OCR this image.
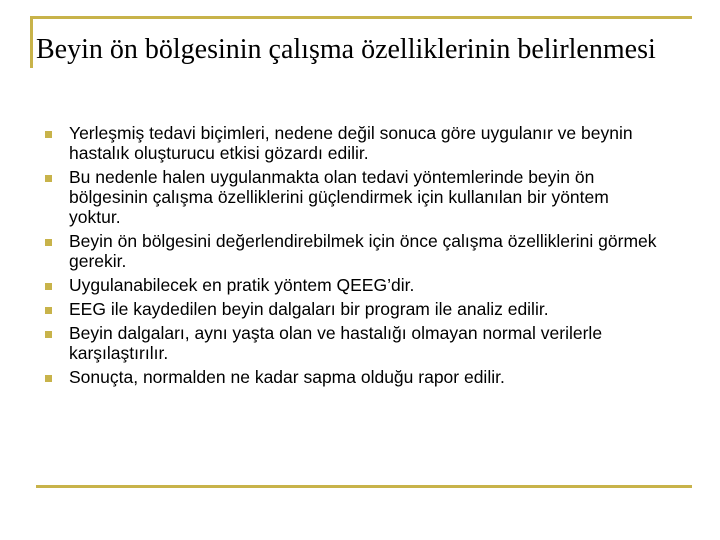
Beyin ön bölgesinin çalışma özelliklerinin belirlenmesi
Yerleşmiş tedavi biçimleri, nedene değil sonuca göre uygulanır ve beynin hastalık oluşturucu etkisi gözardı edilir.
Bu nedenle halen uygulanmakta olan tedavi yöntemlerinde beyin ön bölgesinin çalışma özelliklerini güçlendirmek için kullanılan bir yöntem yoktur.
Beyin ön bölgesini değerlendirebilmek için önce çalışma özelliklerini görmek gerekir.
Uygulanabilecek en pratik yöntem QEEG’dir.
EEG ile kaydedilen beyin dalgaları bir program ile analiz edilir.
Beyin dalgaları, aynı yaşta olan ve hastalığı olmayan normal verilerle karşılaştırılır.
Sonuçta, normalden ne kadar sapma olduğu rapor edilir.
